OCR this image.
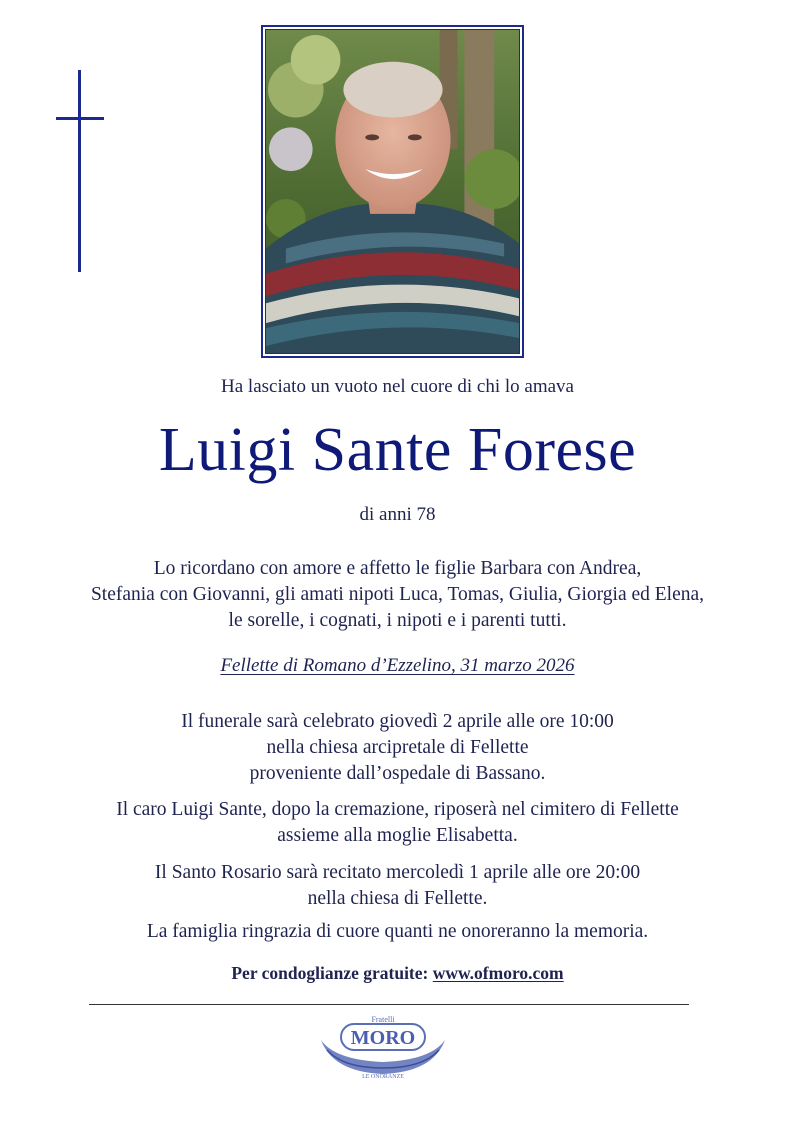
Ha lasciato un vuoto nel cuore di chi lo amava
Luigi Sante Forese
di anni 78
Lo ricordano con amore e affetto le figlie Barbara con Andrea,
Stefania con Giovanni, gli amati nipoti Luca, Tomas, Giulia, Giorgia ed Elena,
le sorelle, i cognati, i nipoti e i parenti tutti.
Fellette di Romano d’Ezzelino, 31 marzo 2026
Il funerale sarà celebrato giovedì 2 aprile alle ore 10:00
nella chiesa arcipretale di Fellette
proveniente dall’ospedale di Bassano.
Il caro Luigi Sante, dopo la cremazione, riposerà nel cimitero di Fellette
assieme alla moglie Elisabetta.
Il Santo Rosario sarà recitato mercoledì 1 aprile alle ore 20:00
nella chiesa di Fellette.
La famiglia ringrazia di cuore quanti ne onoreranno la memoria.
Per condoglianze gratuite: www.ofmoro.com
Fratelli
MORO
LE ONORANZE
